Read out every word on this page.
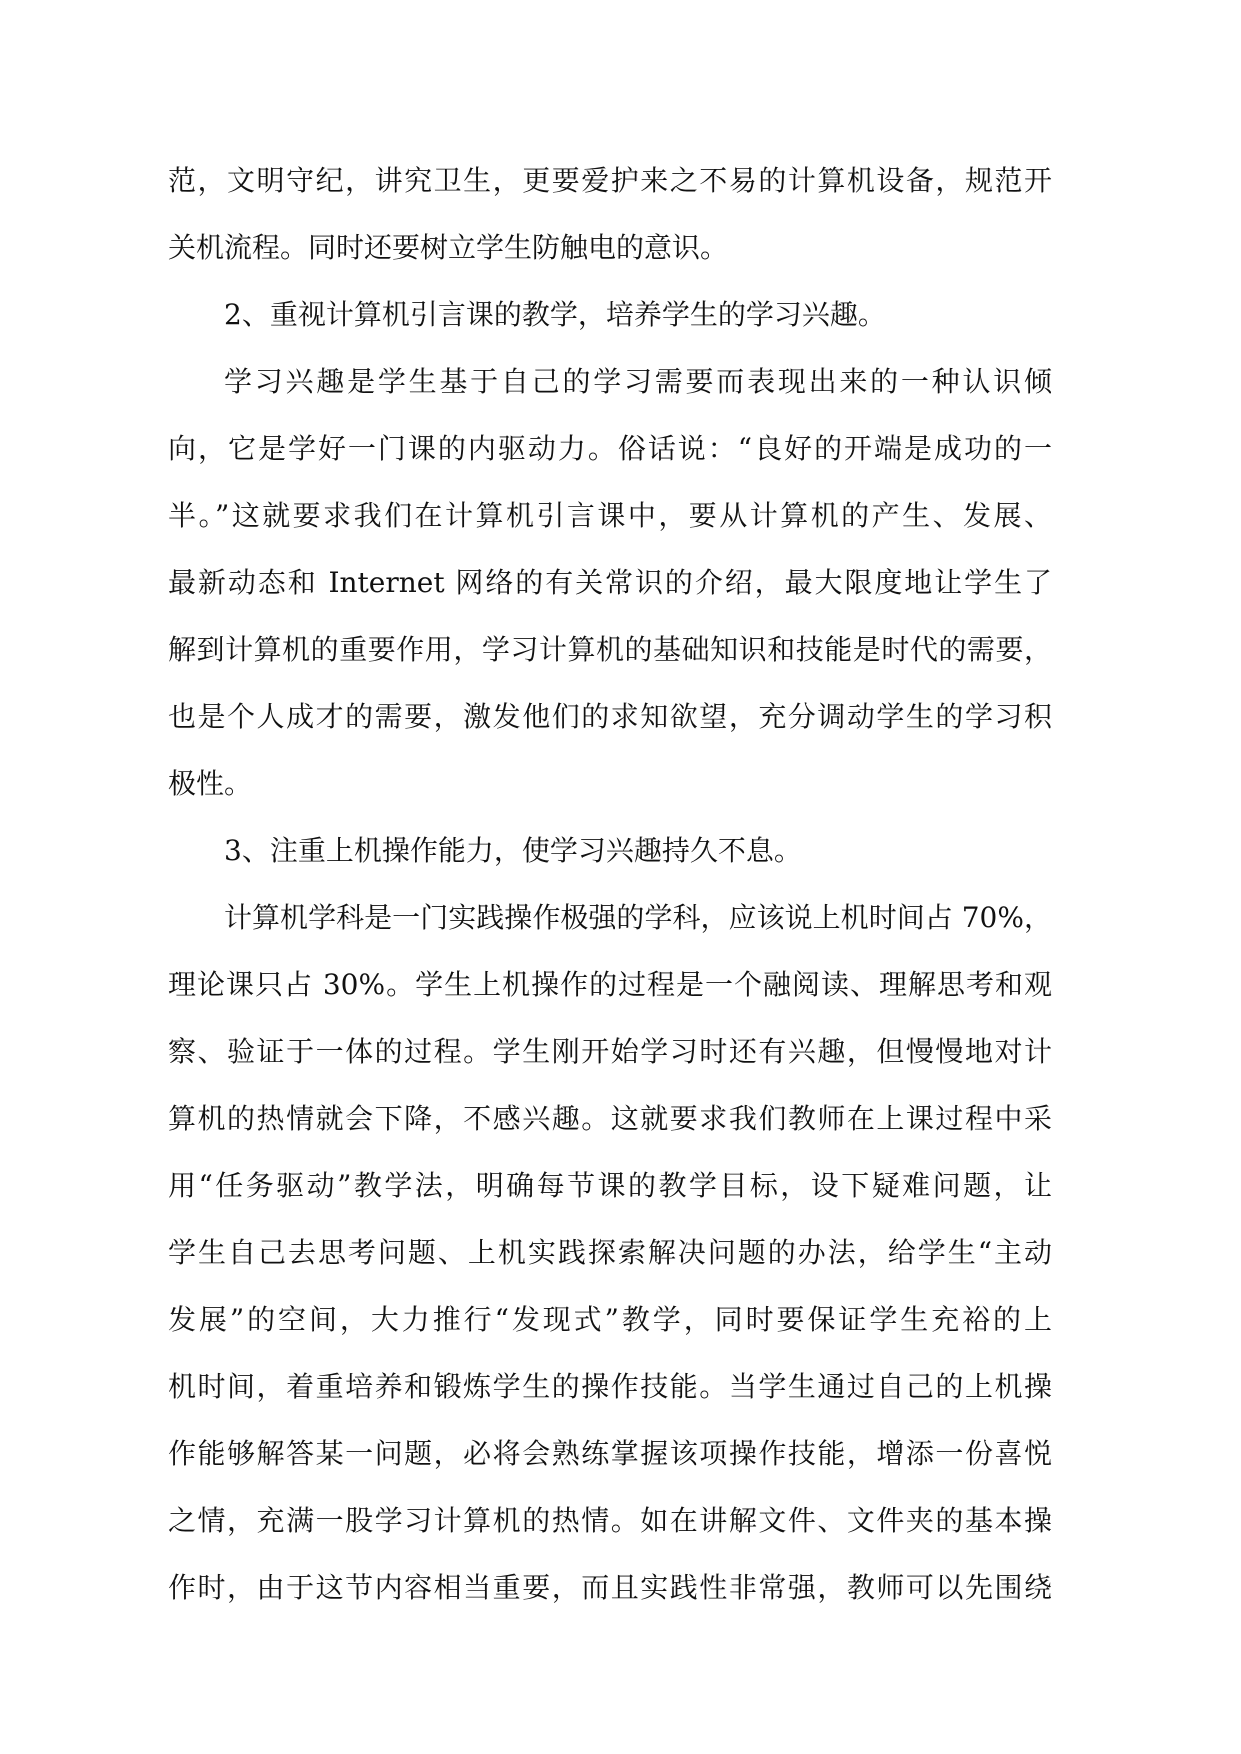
范，文明守纪，讲究卫生，更要爱护来之不易的计算机设备，规范开
关机流程。同时还要树立学生防触电的意识。
2、重视计算机引言课的教学，培养学生的学习兴趣。
学习兴趣是学生基于自己的学习需要而表现出来的一种认识倾
向，它是学好一门课的内驱动力。俗话说：“良好的开端是成功的一
半。”这就要求我们在计算机引言课中，要从计算机的产生、发展、
最新动态和 Internet 网络的有关常识的介绍，最大限度地让学生了
解到计算机的重要作用，学习计算机的基础知识和技能是时代的需要，
也是个人成才的需要，激发他们的求知欲望，充分调动学生的学习积
极性。
3、注重上机操作能力，使学习兴趣持久不息。
计算机学科是一门实践操作极强的学科，应该说上机时间占 70%，
理论课只占 30%。学生上机操作的过程是一个融阅读、理解思考和观
察、验证于一体的过程。学生刚开始学习时还有兴趣，但慢慢地对计
算机的热情就会下降，不感兴趣。这就要求我们教师在上课过程中采
用“任务驱动”教学法，明确每节课的教学目标，设下疑难问题，让
学生自己去思考问题、上机实践探索解决问题的办法，给学生“主动
发展”的空间，大力推行“发现式”教学，同时要保证学生充裕的上
机时间，着重培养和锻炼学生的操作技能。当学生通过自己的上机操
作能够解答某一问题，必将会熟练掌握该项操作技能，增添一份喜悦
之情，充满一股学习计算机的热情。如在讲解文件、文件夹的基本操
作时，由于这节内容相当重要，而且实践性非常强，教师可以先围绕
